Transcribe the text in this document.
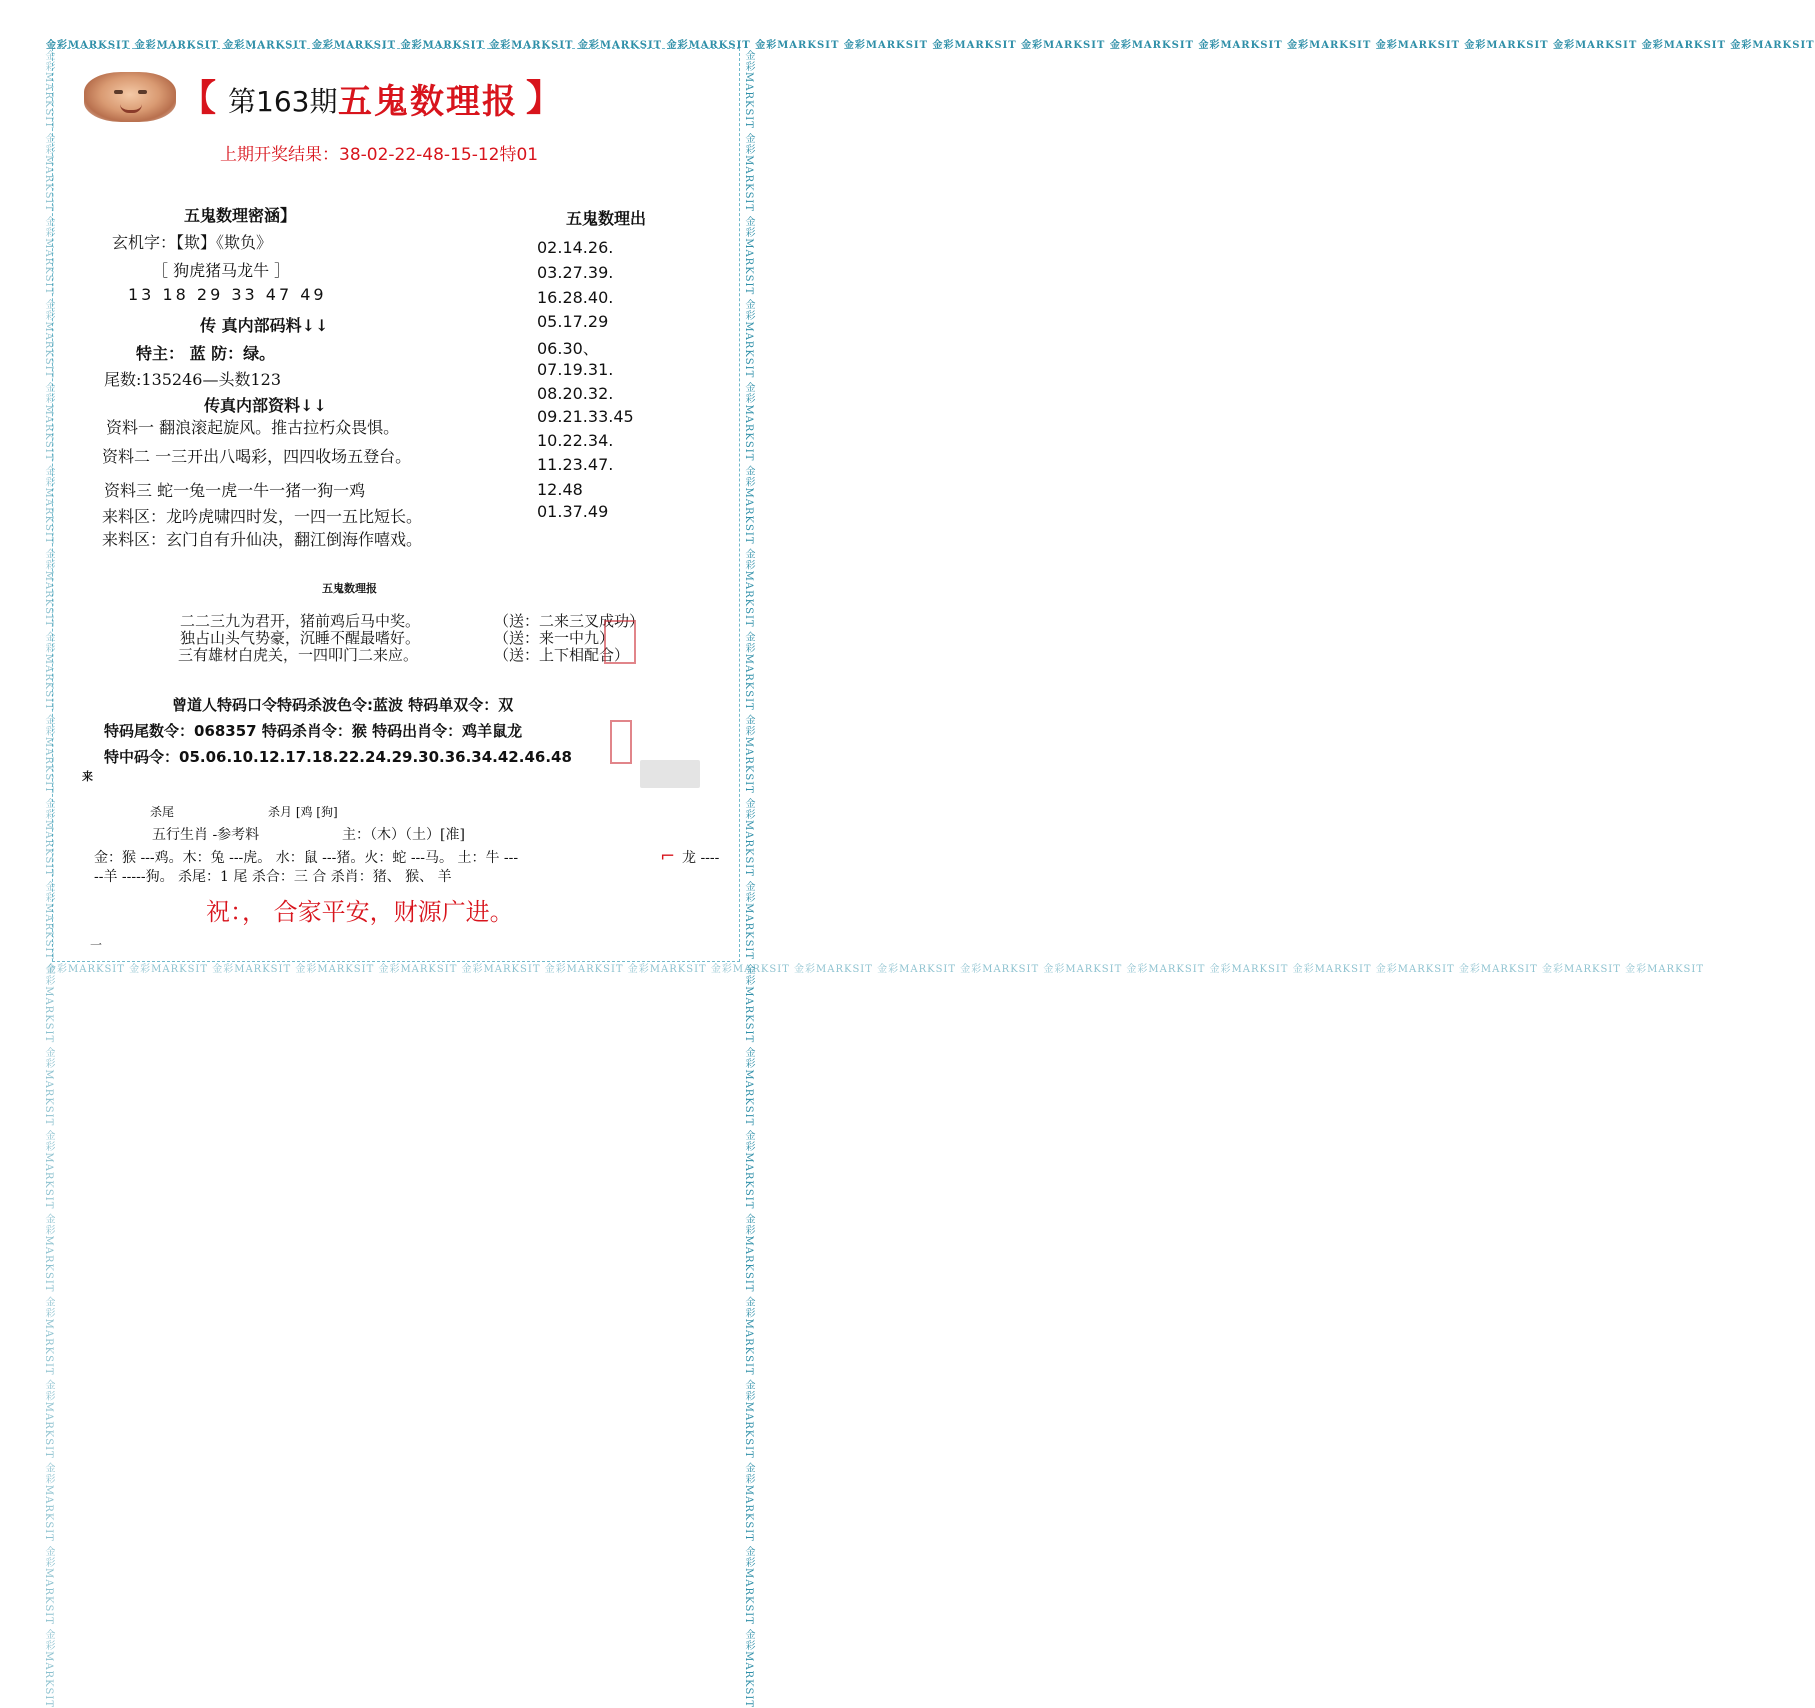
金彩MARKSIT 金彩MARKSIT 金彩MARKSIT 金彩MARKSIT 金彩MARKSIT 金彩MARKSIT 金彩MARKSIT 金彩MARKSIT 金彩MARKSIT 金彩MARKSIT 金彩MARKSIT 金彩MARKSIT 金彩MARKSIT 金彩MARKSIT 金彩MARKSIT 金彩MARKSIT 金彩MARKSIT 金彩MARKSIT 金彩MARKSIT 金彩MARKSIT
金彩MARKSIT 金彩MARKSIT 金彩MARKSIT 金彩MARKSIT 金彩MARKSIT 金彩MARKSIT 金彩MARKSIT 金彩MARKSIT 金彩MARKSIT 金彩MARKSIT 金彩MARKSIT 金彩MARKSIT 金彩MARKSIT 金彩MARKSIT 金彩MARKSIT 金彩MARKSIT 金彩MARKSIT 金彩MARKSIT 金彩MARKSIT 金彩MARKSIT
金彩MARKSIT 金彩MARKSIT 金彩MARKSIT 金彩MARKSIT 金彩MARKSIT 金彩MARKSIT 金彩MARKSIT 金彩MARKSIT 金彩MARKSIT 金彩MARKSIT 金彩MARKSIT 金彩MARKSIT 金彩MARKSIT 金彩MARKSIT 金彩MARKSIT 金彩MARKSIT 金彩MARKSIT 金彩MARKSIT 金彩MARKSIT 金彩MARKSIT	金彩MARKSIT 金彩MARKSIT 金彩MARKSIT 金彩MARKSIT 金彩MARKSIT 金彩MARKSIT 金彩MARKSIT 金彩MARKSIT 金彩MARKSIT 金彩MARKSIT 金彩MARKSIT 金彩MARKSIT 金彩MARKSIT 金彩MARKSIT 金彩MARKSIT 金彩MARKSIT 金彩MARKSIT 金彩MARKSIT 金彩MARKSIT 金彩MARKSIT
【 第163期 五鬼数理报 】
上期开奖结果：38-02-22-48-15-12特01
五鬼数理密涵】
玄机字：【欺】《欺负》
［ 狗虎猪马龙牛 ］
13 18 29 33 47 49
传 真内部码料↓↓
特主： 蓝 防：绿。
尾数:135246—头数123
传真内部资料↓↓
资料一 翻浪滚起旋风。推古拉朽众畏惧。
资料二 一三开出八喝彩，四四收场五登台。
资料三 蛇一兔一虎一牛一猪一狗一鸡
来料区：龙吟虎啸四时发，一四一五比短长。
来料区：玄门自有升仙决，翻江倒海作嘻戏。
五鬼数理出
02.14.26.
03.27.39.
16.28.40.
05.17.29
06.30、
07.19.31.
08.20.32.
09.21.33.45
10.22.34.
11.23.47.
12.48
01.37.49
五鬼数理报
二二三九为君开，猪前鸡后马中奖。	（送：二来三叉成功）
独占山头气势豪，沉睡不醒最嗜好。	（送：来一中九）
三有雄材白虎关，一四叩门二来应。	（送：上下相配合）
曾道人特码口令特码杀波色令:蓝波 特码单双令：双
特码尾数令：068357 特码杀肖令：猴 特码出肖令：鸡羊鼠龙
特中码令：05.06.10.12.17.18.22.24.29.30.36.34.42.46.48
来
杀尾	杀月 [鸡 [狗]
五行生肖 -参考料	主：（木）（土）[准]
金：猴 ---鸡。木：兔 ---虎。 水：鼠 ---猪。火：蛇 ---马。 土：牛 ---	龙 ----
--羊 -----狗。 杀尾：1 尾 杀合：三 合 杀肖：猪、 猴、 羊
⌐
祝：， 合家平安，财源广进。
一
